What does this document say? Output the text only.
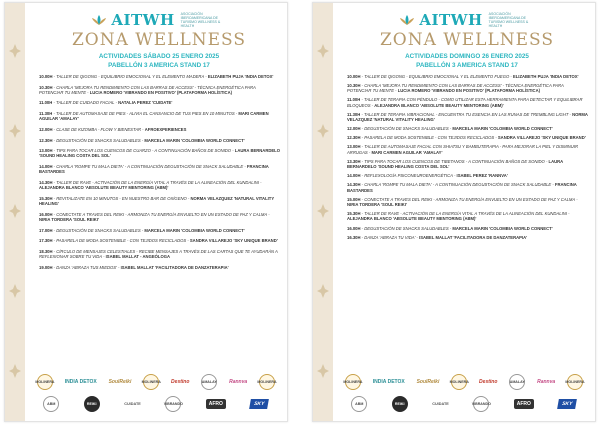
AITWH ASOCIACIÓN IBEROAMERICANA DE TURISMO WELLNESS & HEALTH
ZONA WELLNESS
ACTIVIDADES SÁBADO 25 ENERO 2025
PABELLÓN 3 AMERICA STAND 17
10.00H - TALLER DE QIGONG - EQUILIBRIO EMOCIONAL Y EL ELEMENTO MADERA - ELIZABETH PUJA 'INDIA DETOX'
10.30H - CHARLA 'MEJORA TU RENDIMIENTO CON LAS BARRAS DE ACCESS' - TÉCNICA ENERGÉTICA PARA POTENCIAR TU MENTE - LUCIA ROMERO 'VIBRANDO EN POSITIVO' (PLATAFORMA HOLÍSTICA)
11.00H - TALLER DE CUIDADO FACIAL - NATALIA PEREZ 'CUIDATE'
11.30H - TALLER DE AUTOMASAJE DE PIES - ALIVIA EL CANSANCIO DE TUS PIES EN 10 MINUTOS - MARI CARMEN AGUILAR 'AMALAY'
12.00H - CLASE DE KIZOMBA - FLOW Y BIENESTAR - AFROEXPERIENCES
12.30H - DEGUSTACIÓN DE SNACKS SALUDABLES - MARCELA MARIN 'COLOMBIA WORLD CONNECT'
13.00H - TIPS PARA TOCAR LOS CUENCOS DE CUARZO - A CONTINUACIÓN BAÑOS DE SONIDO - LAURA BERNARDELO 'SOUND HEALING COSTA DEL SOL'
14.00H - CHARLA 'ROMPE TU MALA DIETA' - A CONTINUACIÓN DEGUSTACIÓN DE SNACK SALUDABLE - FRANCINA BASTARDES
14.30H - TALLER DE RAVE - ACTIVACIÓN DE LA ENERGÍA VITAL A TRAVÉS DE LA ALINEACIÓN DEL KUNDALINI - ALEJANDRA BLANCO 'ABSOLUTE BEAUTY MENTORING (ABM)'
15.30H - REVITALIZATE EN 10 MINUTOS - EN NUESTRO BAR DE OXÍGENO - NORMA VELAZQUEZ 'NATURAL VITALITY HEALING'
16.00H - CONECTATE A TRAVES DEL REIKI - ARMONIZA TU ENERGÍA ENVUELTO EN UN ESTADO DE PAZ Y CALMA - NIRIA TORDERA 'SOUL REIKI'
17.00H - DEGUSTACIÓN DE SNACKS SALUDABLES - MARCELA MARIN 'COLOMBIA WORLD CONNECT'
17.30H - PASARELA DE MODA SOSTENIBLE - CON TEJIDOS RECICLADOS - SANDRA VILLAREJO 'SKY UNIQUE BRAND'
18.30H - CÍRCULO DE MENSAJES CELESTIALES - RECIBE MENSAJES A TRAVÉS DE LAS CARTAS QUE TE AYUDARÁN A REFLEXIONAR SOBRE TU VIDA - ISABEL MALLAT - ANGEÓLOGA
19.00H - DANZA 'ABRAZA TUS MIEDOS' - ISABEL MALLAT 'FACILITADORA DE DANZATERAPIA'
MOLINERA INDIA DETOX SoulReiki	MOLINERA Destino	AMALAY Rannva	MOLINERA
ABM	REIKI	CUIDATE	VIBRANDO	AFRO	SKY
AITWH ASOCIACIÓN IBEROAMERICANA DE TURISMO WELLNESS & HEALTH
ZONA WELLNESS
ACTIVIDADES DOMINGO 26 ENERO 2025
PABELLÓN 3 AMERICA STAND 17
10.00H - TALLER DE QIGONG - EQUILIBRIO EMOCIONAL Y EL ELEMENTO FUEGO - ELIZABETH PUJA 'INDIA DETOX'
10.30H - CHARLA 'MEJORA TU RENDIMIENTO CON LAS BARRAS DE ACCESS' - TÉCNICA ENERGÉTICA PARA POTENCIAR TU MENTE - LUCIA ROMERO 'VIBRANDO EN POSITIVO' (PLATAFORMA HOLÍSTICA)
11.00H - TALLER DE TERAPIA CON PÉNDULO - COMO UTILIZAR ESTA HERRAMIENTA PARA DETECTAR Y EQUILIBRAR BLOQUEOS - ALEJANDRA BLANCO 'ABSOLUTE BEAUTY MENTORING (ABM)'
11.30H - TALLER DE TERAPIA VIBRACIONAL - ENCUENTRA TU ESENCIA EN LAS RUNAS DE TREMBLING LIGHT - NORMA VELAZQUEZ 'NATURAL VITALITY HEALING'
12.00H - DEGUSTACIÓN DE SNACKS SALUDABLES - MARCELA MARIN 'COLOMBIA WORLD CONNECT'
12.30H - PASARELA DE MODA SOSTENIBLE - CON TEJIDOS RECICLADOS - SANDRA VILLAREJO 'SKY UNIQUE BRAND'
13.00H - TALLER DE AUTOMASAJE FACIAL CON SHIATSU Y BAMBUTERAPIA - PARA MEJORAR LA PIEL Y DISMINUIR ARRUGAS - MARI CARMEN AGUILAR 'AMALAY'
13.30H - TIPS PARA TOCAR LOS CUENCOS DE TIBETANOS - A CONTINUACIÓN BAÑOS DE SONIDO - LAURA BERNARDELO 'SOUND HEALING COSTA DEL SOL'
14.00H - REFLEXOLOGÍA PSICONEUROENERGÉTICA - ISABEL PEREZ 'RANNVA'
14.30H - CHARLA 'ROMPE TU MALA DIETA' - A CONTINUACIÓN DEGUSTACIÓN DE SNACK SALUDABLE - FRANCINA BASTARDES
15.00H - CONECTATE A TRAVES DEL REIKI - ARMONIZA TU ENERGÍA ENVUELTO EN UN ESTADO DE PAZ Y CALMA - NIRIA TORDERA 'SOUL REIKI'
15.30H - TALLER DE RAVE - ACTIVACIÓN DE LA ENERGÍA VITAL A TRAVÉS DE LA ALINEACIÓN DEL KUNDALINI - ALEJANDRA BLANCO 'ABSOLUTE BEAUTY MENTORING (ABM)'
16.00H - DEGUSTACIÓN DE SNACKS SALUDABLES - MARCELA MARIN 'COLOMBIA WORLD CONNECT'
16.30H - DANZA 'ABRAZA TU VIDA' - ISABEL MALLAT 'FACILITADORA DE DANZATERAPIA'
MOLINERA INDIA DETOX SoulReiki	MOLINERA Destino	AMALAY Rannva	MOLINERA
ABM	REIKI	CUIDATE	VIBRANDO	AFRO	SKY
